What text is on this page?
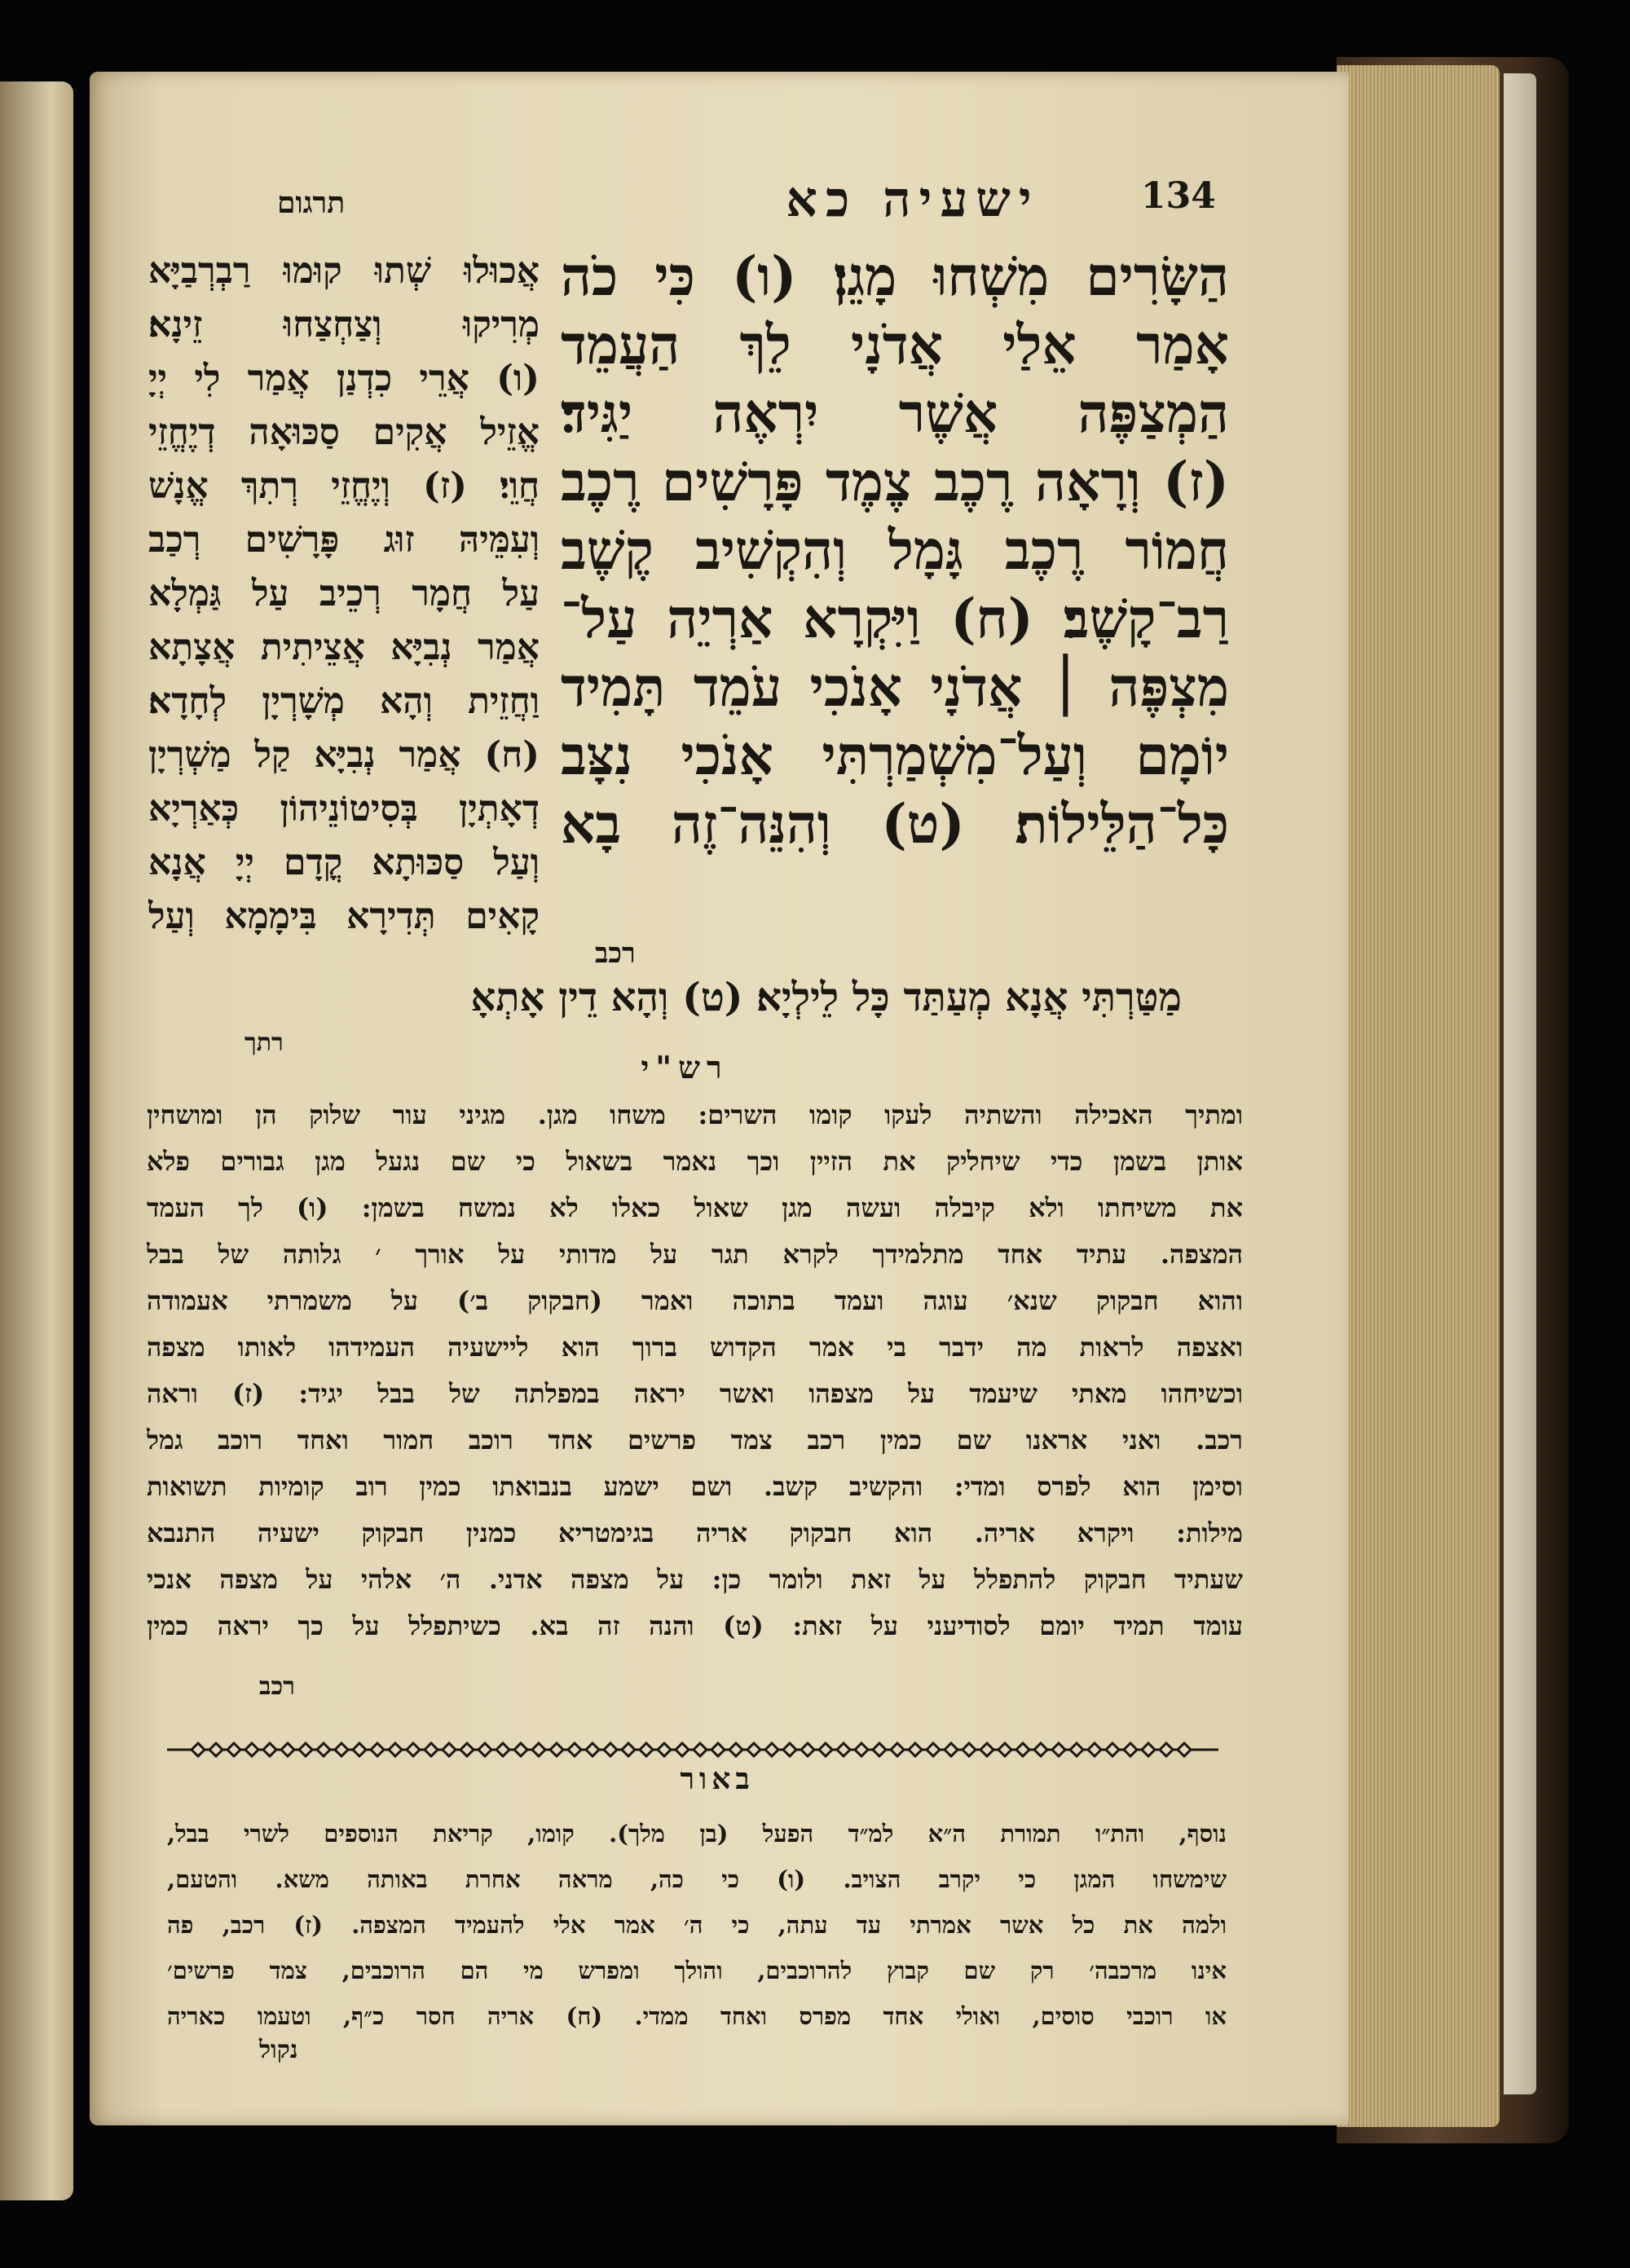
134
ישעיה כא
תרגום
הַשָּׂרִים מִשְׁחוּ מָגֵן׃ (ו) כִּי כֹה
אָמַר אֵלַי אֲדֹנָי לֵךְ הַעֲמֵד
הַמְצַפֶּה אֲשֶׁר יִרְאֶה יַגִּיד׃
(ז) וְרָאָה רֶכֶב צֶמֶד פָּרָשִׁים רֶכֶב
חֲמוֹר רֶכֶב גָּמָל וְהִקְשִׁיב קֶשֶׁב
רַב־קָשֶׁב׃ (ח) וַיִּקְרָא אַרְיֵה עַל־
מִצְפֶּה ׀ אֲדֹנָי אָנֹכִי עֹמֵד תָּמִיד
יוֹמָם וְעַל־מִשְׁמַרְתִּי אָנֹכִי נִצָּב
כָּל־הַלֵּילוֹת׃ (ט) וְהִנֵּה־זֶה בָא
רכב
אֲכוּלוּ שְׁתוּ קוּמוּ רַבְרְבַיָּא
מְרִיקוּ וְצַחְצַחוּ זֵינָא׃
(ו) אֲרֵי כִדְנַן אֲמַר לִי יְיָ
אֱזֵיל אֲקִים סַכּוּאָה דְיֶחֱזֵי
חֲוֵי׃ (ז) וְיֶחֱזֵי רְתִךְ אֱנָשׁ
וְעִמֵּיהּ זוּג פָּרָשִׁים רְכַב
עַל חֲמָר רְכֵיב עַל גַּמְלָא
אֲמַר נְבִיָּא אֲצֵיתִית אֲצָתָא
וַחֲזֵית וְהָא מְשָׁרְיָן לְחָדָא׃
(ח) אֲמַר נְבִיָּא קַל מַשְׁרְיָן
דְאָתְיָן בְּסִיטוֹנֵיהוֹן כְּאַרְיָא
וְעַל סַכּוּתָא קֳדָם יְיָ אֲנָא
קָאִים תְּדִירָא בִּימָמָא וְעַל
מַטַּרְתִּי אֲנָא מְעַתַּד כָּל לֵילְיָא׃ (ט) וְהָא דֵין אָתְאָ
רתך
רש"י
ומתיך האכילה והשתיה לעקו קומו השרים: משחו מגן. מגיני עור שלוק הן ומושחין
אותן בשמן כדי שיחליק את הזיין וכך נאמר בשאול כי שם נגעל מגן גבורים פלא
את משיחתו ולא קיבלה ועשה מגן שאול כאלו לא נמשח בשמן: (ו) לך העמד
המצפה. עתיד אחד מתלמידך לקרא תגר על מדותי על אורך ׳ גלותה של בבל
והוא חבקוק שנא׳ עוגה ועמד בתוכה ואמר (חבקוק ב׳) על משמרתי אעמודה
ואצפה לראות מה ידבר בי אמר הקדוש ברוך הוא ליישעיה העמידהו לאותו מצפה
וכשיחהו מאתי שיעמד על מצפהו ואשר יראה במפלתה של בבל יגיד: (ז) וראה
רכב. ואני אראנו שם כמין רכב צמד פרשים אחד רוכב חמור ואחד רוכב גמל
וסימן הוא לפרס ומדי: והקשיב קשב. ושם ישמע בנבואתו כמין רוב קומיות תשואות
מילות: ויקרא אריה. הוא חבקוק אריה בגימטריא כמנין חבקוק ישעיה התנבא
שעתיד חבקוק להתפלל על זאת ולומר כן: על מצפה אדני. ה׳ אלהי על מצפה אנכי
עומד תמיד יומם לסודיעני על זאת: (ט) והנה זה בא. כשיתפלל על כך יראה כמין
רכב
באור
נוסף, והת״ו תמורת ה״א למ״ד הפעל (בן מלך). קומו, קריאת הנוספים לשרי בבל,
שימשחו המגן כי יקרב הצויב. (ו) כי כה, מראה אחרת באותה משא. והטעם,
ולמה את כל אשר אמרתי עד עתה, כי ה׳ אמר אלי להעמיד המצפה. (ז) רכב, פה
אינו מרכבה׳ רק שם קבוץ להרוכבים, והולך ומפרש מי הם הרוכבים, צמד פרשים׳
או רוכבי סוסים, ואולי אחד מפרס ואחד ממדי. (ח) אריה חסר כ״ף, וטעמו כאריה
נקול
